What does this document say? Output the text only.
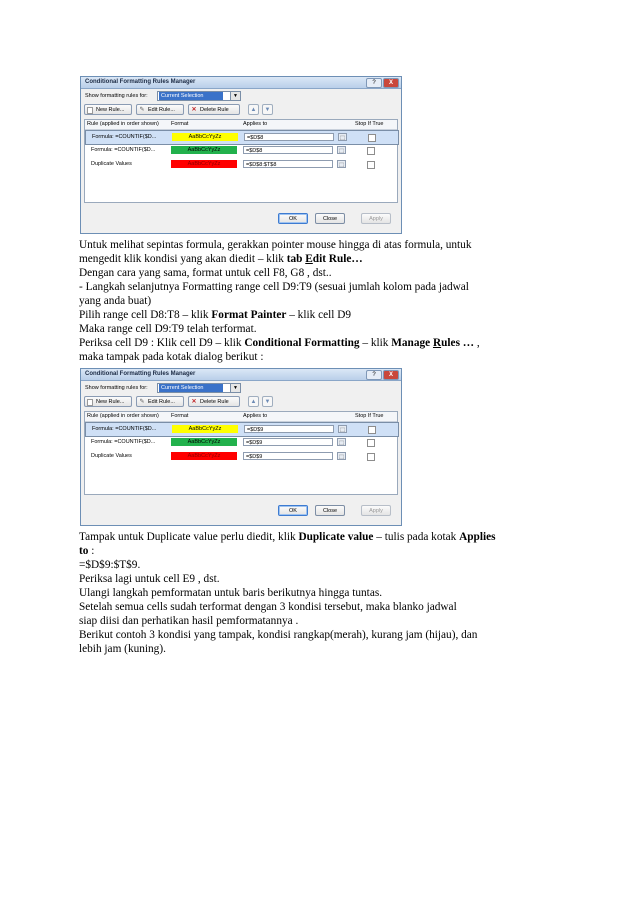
Conditional Formatting Rules Manager	?	X
Show formatting rules for:	Current Selection	▼
New Rule...	✎ Edit Rule...	✕ Delete Rule	▲	▼
Rule (applied in order shown) Format	Applies to	Stop If True
Formula: =COUNTIF($D...	AaBbCcYyZz	=$D$8	⬚
Formula: =COUNTIF($D...	AaBbCcYyZz	=$D$8	⬚
Duplicate Values	AaBbCcYyZz	=$D$8:$T$8	⬚
OK	Close	Apply
Untuk melihat sepintas formula, gerakkan pointer mouse hingga di atas formula, untuk
mengedit klik kondisi yang akan diedit – klik tab Edit Rule…
Dengan cara yang sama, format untuk cell F8, G8 , dst..
- Langkah selanjutnya Formatting range cell D9:T9 (sesuai jumlah kolom pada jadwal
yang anda buat)
Pilih range cell D8:T8 – klik Format Painter – klik cell D9
Maka range cell D9:T9 telah terformat.
Periksa cell D9 : Klik cell D9 – klik Conditional Formatting – klik Manage Rules … ,
maka tampak pada kotak dialog berikut :
Conditional Formatting Rules Manager	?	X
Show formatting rules for:	Current Selection	▼
New Rule...	✎ Edit Rule...	✕ Delete Rule	▲	▼
Rule (applied in order shown) Format	Applies to	Stop If True
Formula: =COUNTIF($D...	AaBbCcYyZz	=$D$9	⬚
Formula: =COUNTIF($D...	AaBbCcYyZz	=$D$9	⬚
Duplicate Values	AaBbCcYyZz	=$D$9	⬚
OK	Close	Apply
Tampak untuk Duplicate value perlu diedit, klik Duplicate value – tulis pada kotak Applies
to :
=$D$9:$T$9.
Periksa lagi untuk cell E9 , dst.
Ulangi langkah pemformatan untuk baris berikutnya hingga tuntas.
Setelah semua cells sudah terformat dengan 3 kondisi tersebut, maka blanko jadwal
siap diisi dan perhatikan hasil pemformatannya .
Berikut contoh 3 kondisi yang tampak, kondisi rangkap(merah), kurang jam (hijau), dan
lebih jam (kuning).
